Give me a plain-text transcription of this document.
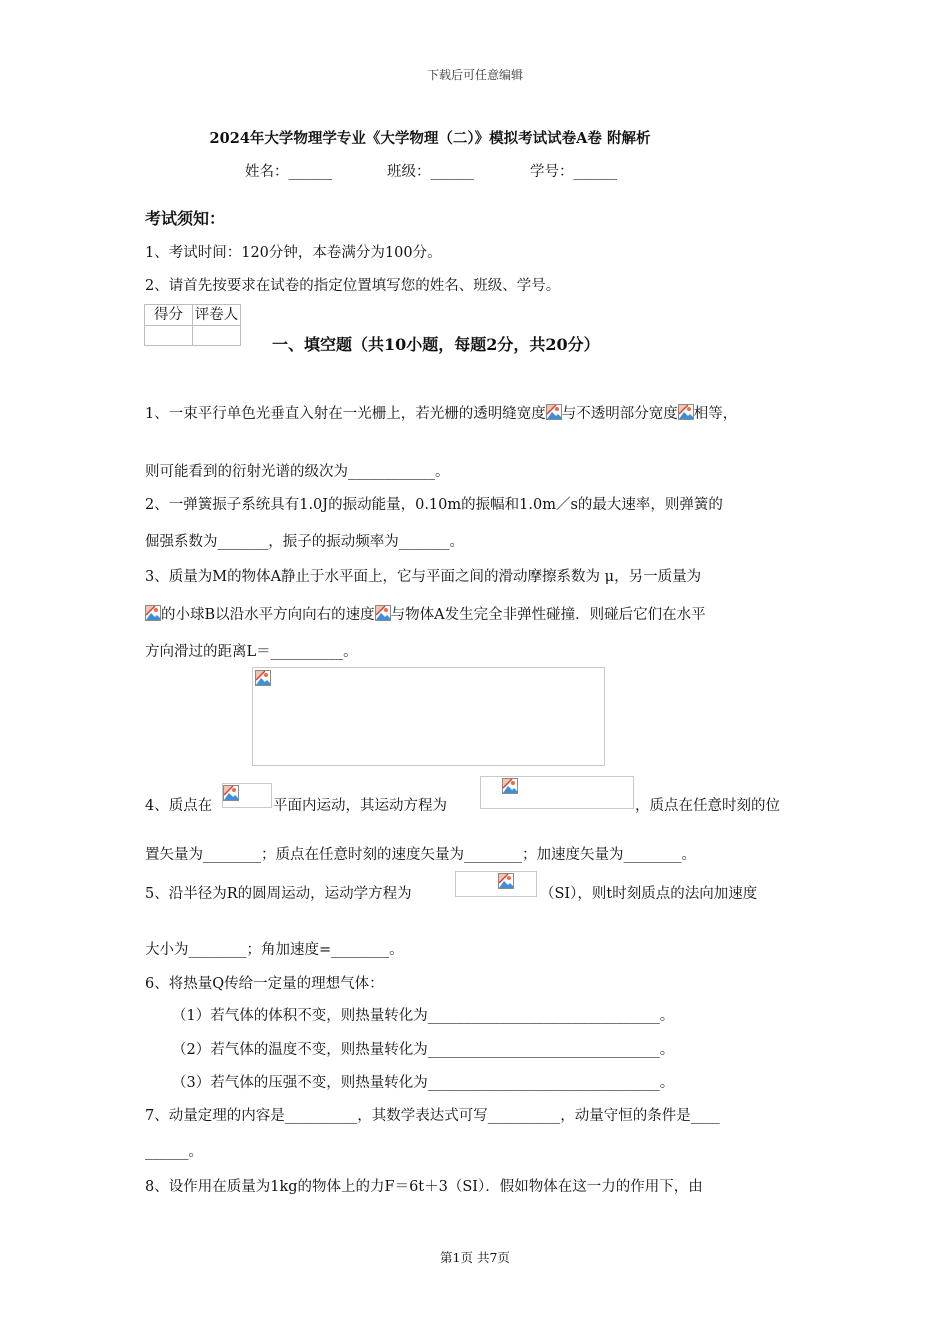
下载后可任意编辑
2024年大学物理学专业《大学物理（二）》模拟考试试卷A卷 附解析
姓名：______	班级：______	学号：______
考试须知：
1、考试时间：120分钟，本卷满分为100分。
2、请首先按要求在试卷的指定位置填写您的姓名、班级、学号。
得分	评卷人

一、填空题（共10小题，每题2分，共20分）
1、一束平行单色光垂直入射在一光栅上，若光栅的透明缝宽度 与不透明部分宽度 相等，
则可能看到的衍射光谱的级次为____________。
2、一弹簧振子系统具有1.0J的振动能量，0.10m的振幅和1.0m／s的最大速率，则弹簧的
倔强系数为_______，振子的振动频率为_______。
3、质量为M的物体A静止于水平面上，它与平面之间的滑动摩擦系数为 μ，另一质量为
的小球B以沿水平方向向右的速度 与物体A发生完全非弹性碰撞．则碰后它们在水平
方向滑过的距离L＝__________。

4、质点在	平面内运动，其运动方程为	，质点在任意时刻的位
置矢量为________；质点在任意时刻的速度矢量为________；加速度矢量为________。
5、沿半径为R的圆周运动，运动学方程为	（SI），则t时刻质点的法向加速度
大小为________；角加速度=________。
6、将热量Q传给一定量的理想气体：
（1）若气体的体积不变，则热量转化为________________________________。
（2）若气体的温度不变，则热量转化为________________________________。
（3）若气体的压强不变，则热量转化为________________________________。
7、动量定理的内容是__________，其数学表达式可写__________，动量守恒的条件是____
______。
8、设作用在质量为1kg的物体上的力F＝6t＋3（SI）．假如物体在这一力的作用下，由
第1页 共7页
